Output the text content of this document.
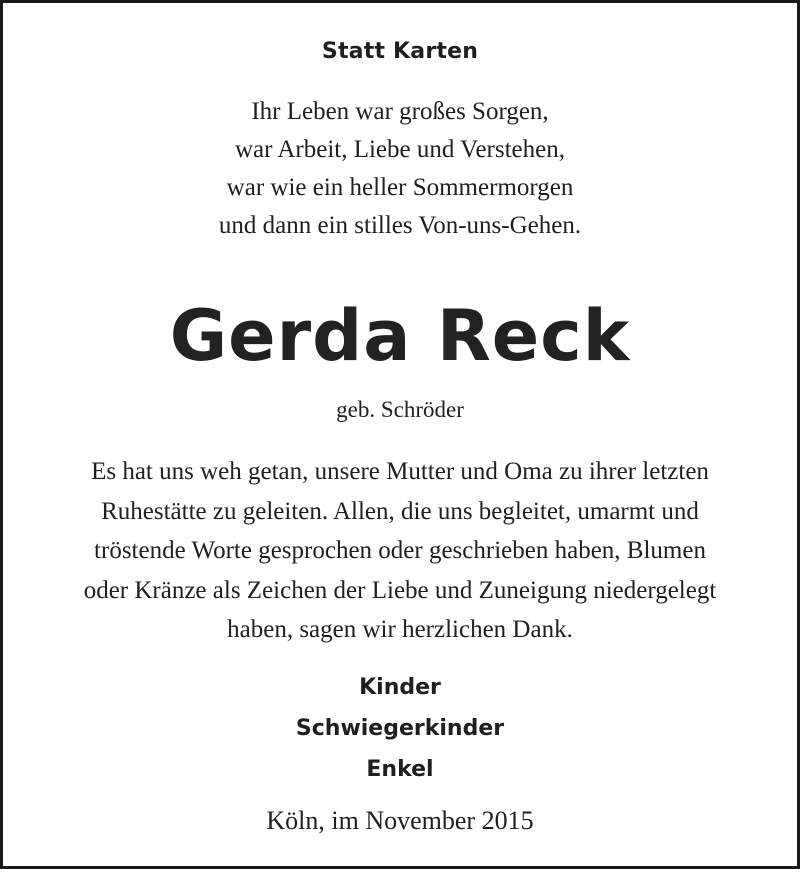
Statt Karten
Ihr Leben war großes Sorgen,
war Arbeit, Liebe und Verstehen,
war wie ein heller Sommermorgen
und dann ein stilles Von-uns-Gehen.
Gerda Reck
geb. Schröder
Es hat uns weh getan, unsere Mutter und Oma zu ihrer letzten
Ruhestätte zu geleiten. Allen, die uns begleitet, umarmt und
tröstende Worte gesprochen oder geschrieben haben, Blumen
oder Kränze als Zeichen der Liebe und Zuneigung niedergelegt
haben, sagen wir herzlichen Dank.
Kinder
Schwiegerkinder
Enkel
Köln, im November 2015
